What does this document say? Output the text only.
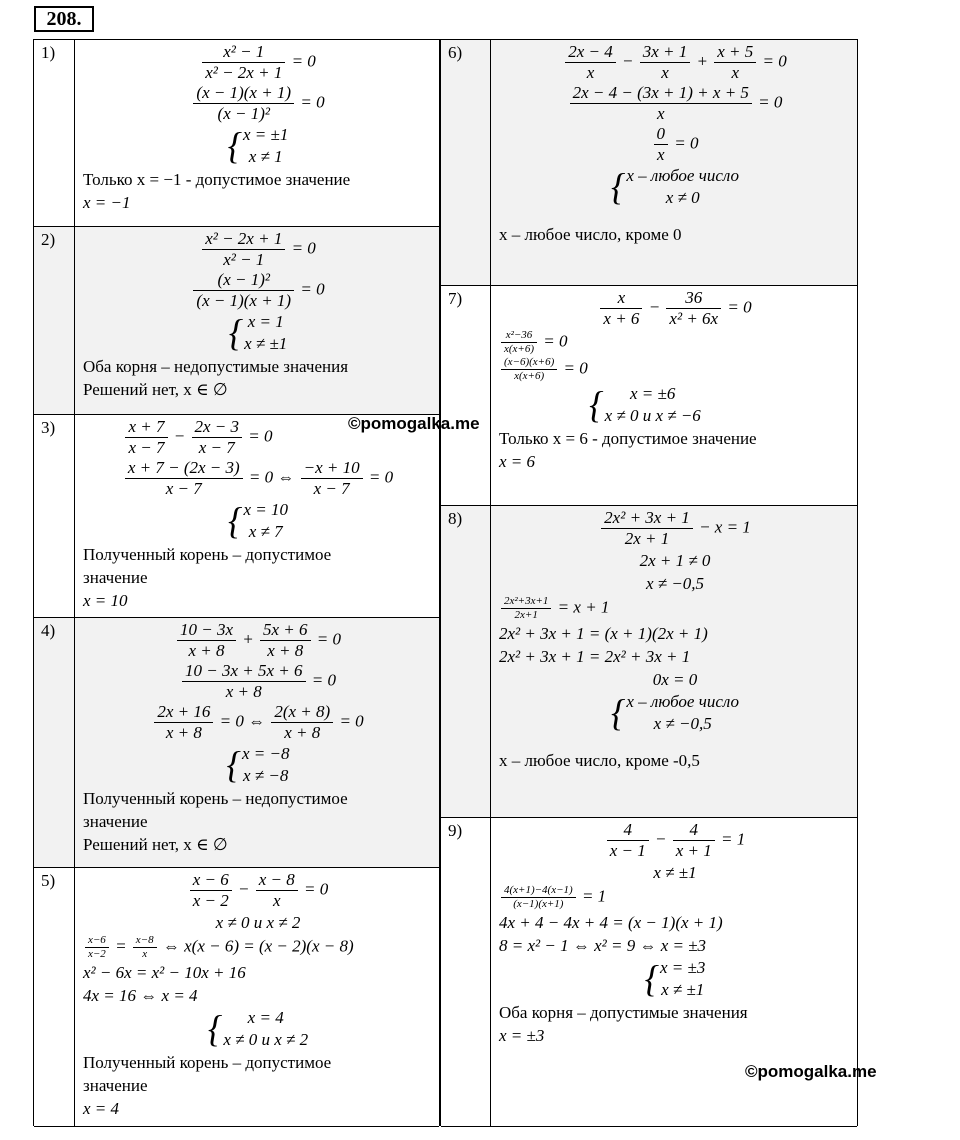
208.
1)	$\frac{\text{x² − 1}}{\text{x² − 2x + 1}} = 0$
$\frac{(x - 1)(x + 1)}{\text{(x − 1)²}} = 0$
{ x = ±1
x ≠ 1
Только x = −1 - допустимое значение
x = −1
2)	$\frac{\text{x² − 2x + 1}}{\text{x² − 1}} = 0$
$\frac{\text{(x − 1)²}}{(x - 1)(x + 1)} = 0$
{ x = 1
x ≠ ±1
Оба корня – недопустимые значения
Решений нет, x ∈ ∅
3)	$\frac{x + 7}{x - 7} - \frac{2x - 3}{x - 7} = 0$
$\frac{x + 7 - (2x - 3)}{x - 7} = 0$ ⇔ $\frac{-x + 10}{x - 7} = 0$
{ x = 10
x ≠ 7
Полученный корень – допустимое
значение
x = 10
4)	$\frac{10 - 3x}{x + 8} + \frac{5x + 6}{x + 8} = 0$
$\frac{10 - 3x + 5x + 6}{x + 8} = 0$
$\frac{2x + 16}{x + 8} = 0$ ⇔ $\frac{2(x + 8)}{x + 8} = 0$
{ x = −8
x ≠ −8
Полученный корень – недопустимое
значение
Решений нет, x ∈ ∅
5)	$\frac{x - 6}{x - 2} - \frac{x - 8}{x} = 0$
x ≠ 0 и x ≠ 2
$\frac{x-6}{x-2} = \frac{x-8}{x}$ ⇔ x(x − 6) = (x − 2)(x − 8)
x² − 6x = x² − 10x + 16
4x = 16 ⇔ x = 4
{	x = 4
x ≠ 0 и x ≠ 2
Полученный корень – допустимое
значение
x = 4
6)	$\frac{2x - 4}{x} - \frac{3x + 1}{x} + \frac{x + 5}{x} = 0$
$\frac{2x - 4 - (3x + 1) + x + 5}{x} = 0$
$\frac{0}{x} = 0$
{ x – любое число
x ≠ 0
x – любое число, кроме 0
7)	$\frac{x}{x + 6} - \frac{36}{\text{x² + 6x}} = 0$
$\frac{\text{x²−36}}{x(x+6)} = 0$
$\frac{(x-6)(x+6)}{x(x+6)} = 0$
{	x = ±6
x ≠ 0 и x ≠ −6
Только x = 6 - допустимое значение
x = 6
8)	$\frac{\text{2x² + 3x + 1}}{2x + 1} - x = 1$
2x + 1 ≠ 0
x ≠ −0,5
$\frac{\text{2x²+3x+1}}{2x+1} = x + 1$
2x² + 3x + 1 = (x + 1)(2x + 1)
2x² + 3x + 1 = 2x² + 3x + 1
0x = 0
{ x – любое число
x ≠ −0,5
x – любое число, кроме -0,5
9)	$\frac{4}{x - 1} - \frac{4}{x + 1} = 1$
x ≠ ±1
$\frac{4(x+1)-4(x-1)}{(x-1)(x+1)} = 1$
4x + 4 − 4x + 4 = (x − 1)(x + 1)
8 = x² − 1 ⇔ x² = 9 ⇔ x = ±3
{ x = ±3
x ≠ ±1
Оба корня – допустимые значения
x = ±3
©pomogalka.me
©pomogalka.me
